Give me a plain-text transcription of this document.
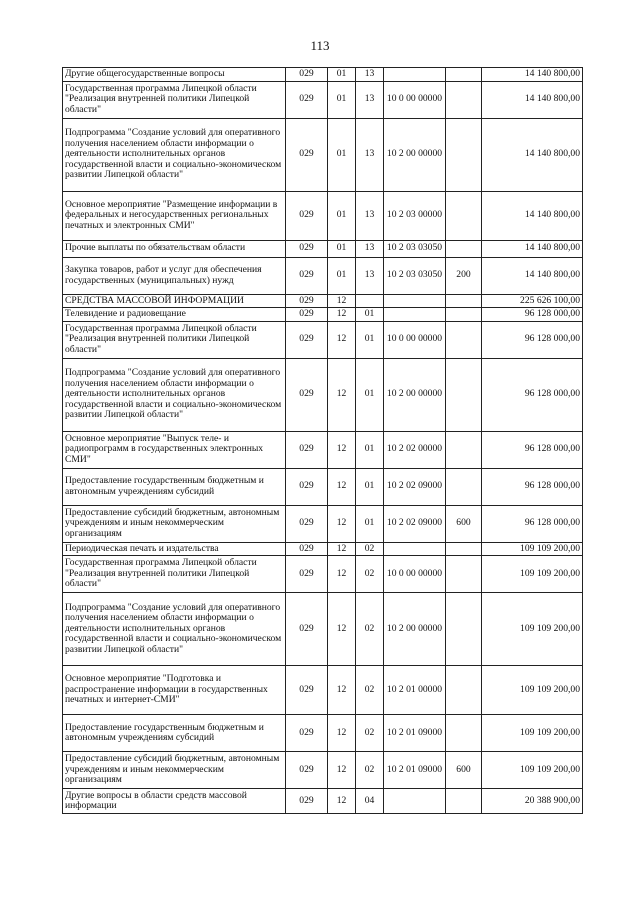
113
Другие общегосударственные вопросы	029	01	13			14 140 800,00
Государственная программа Липецкой области "Реализация внутренней политики Липецкой области"	029	01	13	10 0 00 00000		14 140 800,00
Подпрограмма "Создание условий для оперативного получения населением области информации о деятельности исполнительных органов государственной власти и социально-экономическом развитии Липецкой области"	029	01	13	10 2 00 00000		14 140 800,00
Основное мероприятие "Размещение информации в федеральных и негосударственных региональных печатных и электронных СМИ"	029	01	13	10 2 03 00000		14 140 800,00
Прочие выплаты по обязательствам области	029	01	13	10 2 03 03050		14 140 800,00
Закупка товаров, работ и услуг для обеспечения государственных (муниципальных) нужд	029	01	13	10 2 03 03050	200	14 140 800,00
СРЕДСТВА МАССОВОЙ ИНФОРМАЦИИ	029	12				225 626 100,00
Телевидение и радиовещание	029	12	01			96 128 000,00
Государственная программа Липецкой области "Реализация внутренней политики Липецкой области"	029	12	01	10 0 00 00000		96 128 000,00
Подпрограмма "Создание условий для оперативного получения населением области информации о деятельности исполнительных органов государственной власти и социально-экономическом развитии Липецкой области"	029	12	01	10 2 00 00000		96 128 000,00
Основное мероприятие "Выпуск теле- и радиопрограмм в государственных электронных СМИ"	029	12	01	10 2 02 00000		96 128 000,00
Предоставление государственным бюджетным и автономным учреждениям субсидий	029	12	01	10 2 02 09000		96 128 000,00
Предоставление субсидий бюджетным, автономным учреждениям и иным некоммерческим организациям	029	12	01	10 2 02 09000	600	96 128 000,00
Периодическая печать и издательства	029	12	02			109 109 200,00
Государственная программа Липецкой области "Реализация внутренней политики Липецкой области"	029	12	02	10 0 00 00000		109 109 200,00
Подпрограмма "Создание условий для оперативного получения населением области информации о деятельности исполнительных органов государственной власти и социально-экономическом развитии Липецкой области"	029	12	02	10 2 00 00000		109 109 200,00
Основное мероприятие "Подготовка и распространение информации в государственных печатных и интернет-СМИ"	029	12	02	10 2 01 00000		109 109 200,00
Предоставление государственным бюджетным и автономным учреждениям субсидий	029	12	02	10 2 01 09000		109 109 200,00
Предоставление субсидий бюджетным, автономным учреждениям и иным некоммерческим организациям	029	12	02	10 2 01 09000	600	109 109 200,00
Другие вопросы в области средств массовой информации	029	12	04			20 388 900,00
